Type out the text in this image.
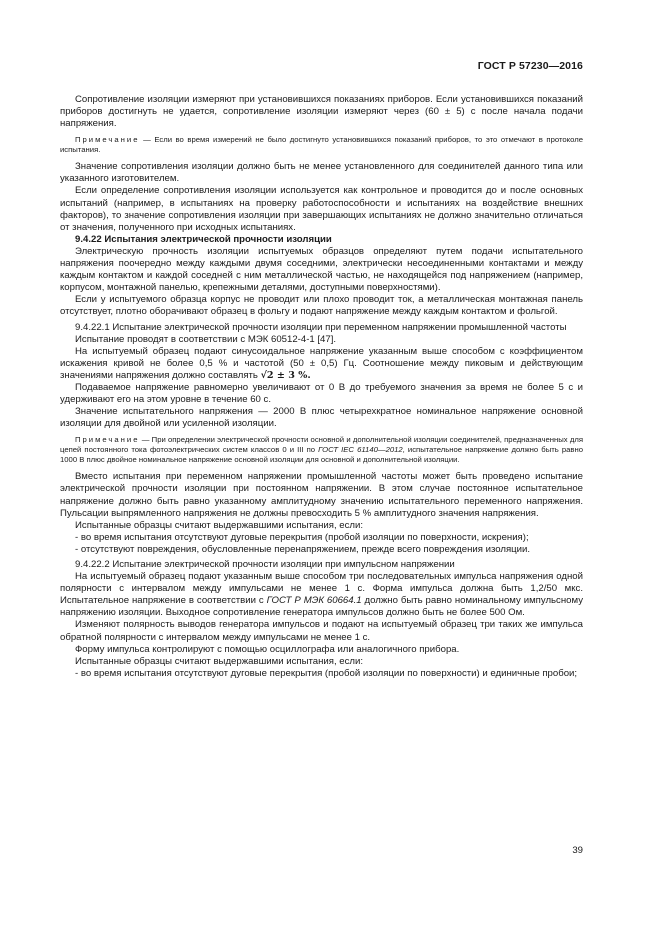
ГОСТ Р 57230—2016

Сопротивление изоляции измеряют при установившихся показаниях приборов. Если установившихся показаний приборов достигнуть не удается, сопротивление изоляции измеряют через (60 ± 5) с после начала подачи напряжения.

Примечание — Если во время измерений не было достигнуто установившихся показаний приборов, то это отмечают в протоколе испытания.

Значение сопротивления изоляции должно быть не менее установленного для соединителей данного типа или указанного изготовителем.

Если определение сопротивления изоляции используется как контрольное и проводится до и после основных испытаний (например, в испытаниях на проверку работоспособности и испытаниях на воздействие внешних факторов), то значение сопротивления изоляции при завершающих испытаниях не должно значительно отличаться от значения, полученного при исходных испытаниях.

9.4.22 Испытания электрической прочности изоляции

Электрическую прочность изоляции испытуемых образцов определяют путем подачи испытательного напряжения поочередно между каждыми двумя соседними, электрически несоединенными контактами и между каждым контактом и каждой соседней с ним металлической частью, не находящейся под напряжением (например, корпусом, монтажной панелью, крепежными деталями, доступными поверхностями).

Если у испытуемого образца корпус не проводит или плохо проводит ток, а металлическая монтажная панель отсутствует, плотно оборачивают образец в фольгу и подают напряжение между каждым контактом и фольгой.

9.4.22.1 Испытание электрической прочности изоляции при переменном напряжении промышленной частоты

Испытание проводят в соответствии с МЭК 60512-4-1 [47].

На испытуемый образец подают синусоидальное напряжение указанным выше способом с коэффициентом искажения кривой не более 0,5 % и частотой (50 ± 0,5) Гц. Соотношение между пиковым и действующим значениями напряжения должно составлять √2 ± 3 %.

Подаваемое напряжение равномерно увеличивают от 0 В до требуемого значения за время не более 5 с и удерживают его на этом уровне в течение 60 с.

Значение испытательного напряжения — 2000 В плюс четырехкратное номинальное напряжение основной изоляции для двойной или усиленной изоляции.

Примечание — При определении электрической прочности основной и дополнительной изоляции соединителей, предназначенных для цепей постоянного тока фотоэлектрических систем классов 0 и III по ГОСТ IEC 61140—2012, испытательное напряжение должно быть равно 1000 В плюс двойное номинальное напряжение основной изоляции для основной и дополнительной изоляции.

Вместо испытания при переменном напряжении промышленной частоты может быть проведено испытание электрической прочности изоляции при постоянном напряжении. В этом случае постоянное испытательное напряжение должно быть равно указанному амплитудному значению испытательного переменного напряжения. Пульсации выпрямленного напряжения не должны превосходить 5 % амплитудного значения напряжения.

Испытанные образцы считают выдержавшими испытания, если:

- во время испытания отсутствуют дуговые перекрытия (пробой изоляции по поверхности, искрения);

- отсутствуют повреждения, обусловленные перенапряжением, прежде всего повреждения изоляции.

9.4.22.2 Испытание электрической прочности изоляции при импульсном напряжении

На испытуемый образец подают указанным выше способом три последовательных импульса напряжения одной полярности с интервалом между импульсами не менее 1 с. Форма импульса должна быть 1,2/50 мкс. Испытательное напряжение в соответствии с ГОСТ Р МЭК 60664.1 должно быть равно номинальному импульсному напряжению изоляции. Выходное сопротивление генератора импульсов должно быть не более 500 Ом.

Изменяют полярность выводов генератора импульсов и подают на испытуемый образец три таких же импульса обратной полярности с интервалом между импульсами не менее 1 с.

Форму импульса контролируют с помощью осциллографа или аналогичного прибора.

Испытанные образцы считают выдержавшими испытания, если:

- во время испытания отсутствуют дуговые перекрытия (пробой изоляции по поверхности) и единичные пробои;

39
